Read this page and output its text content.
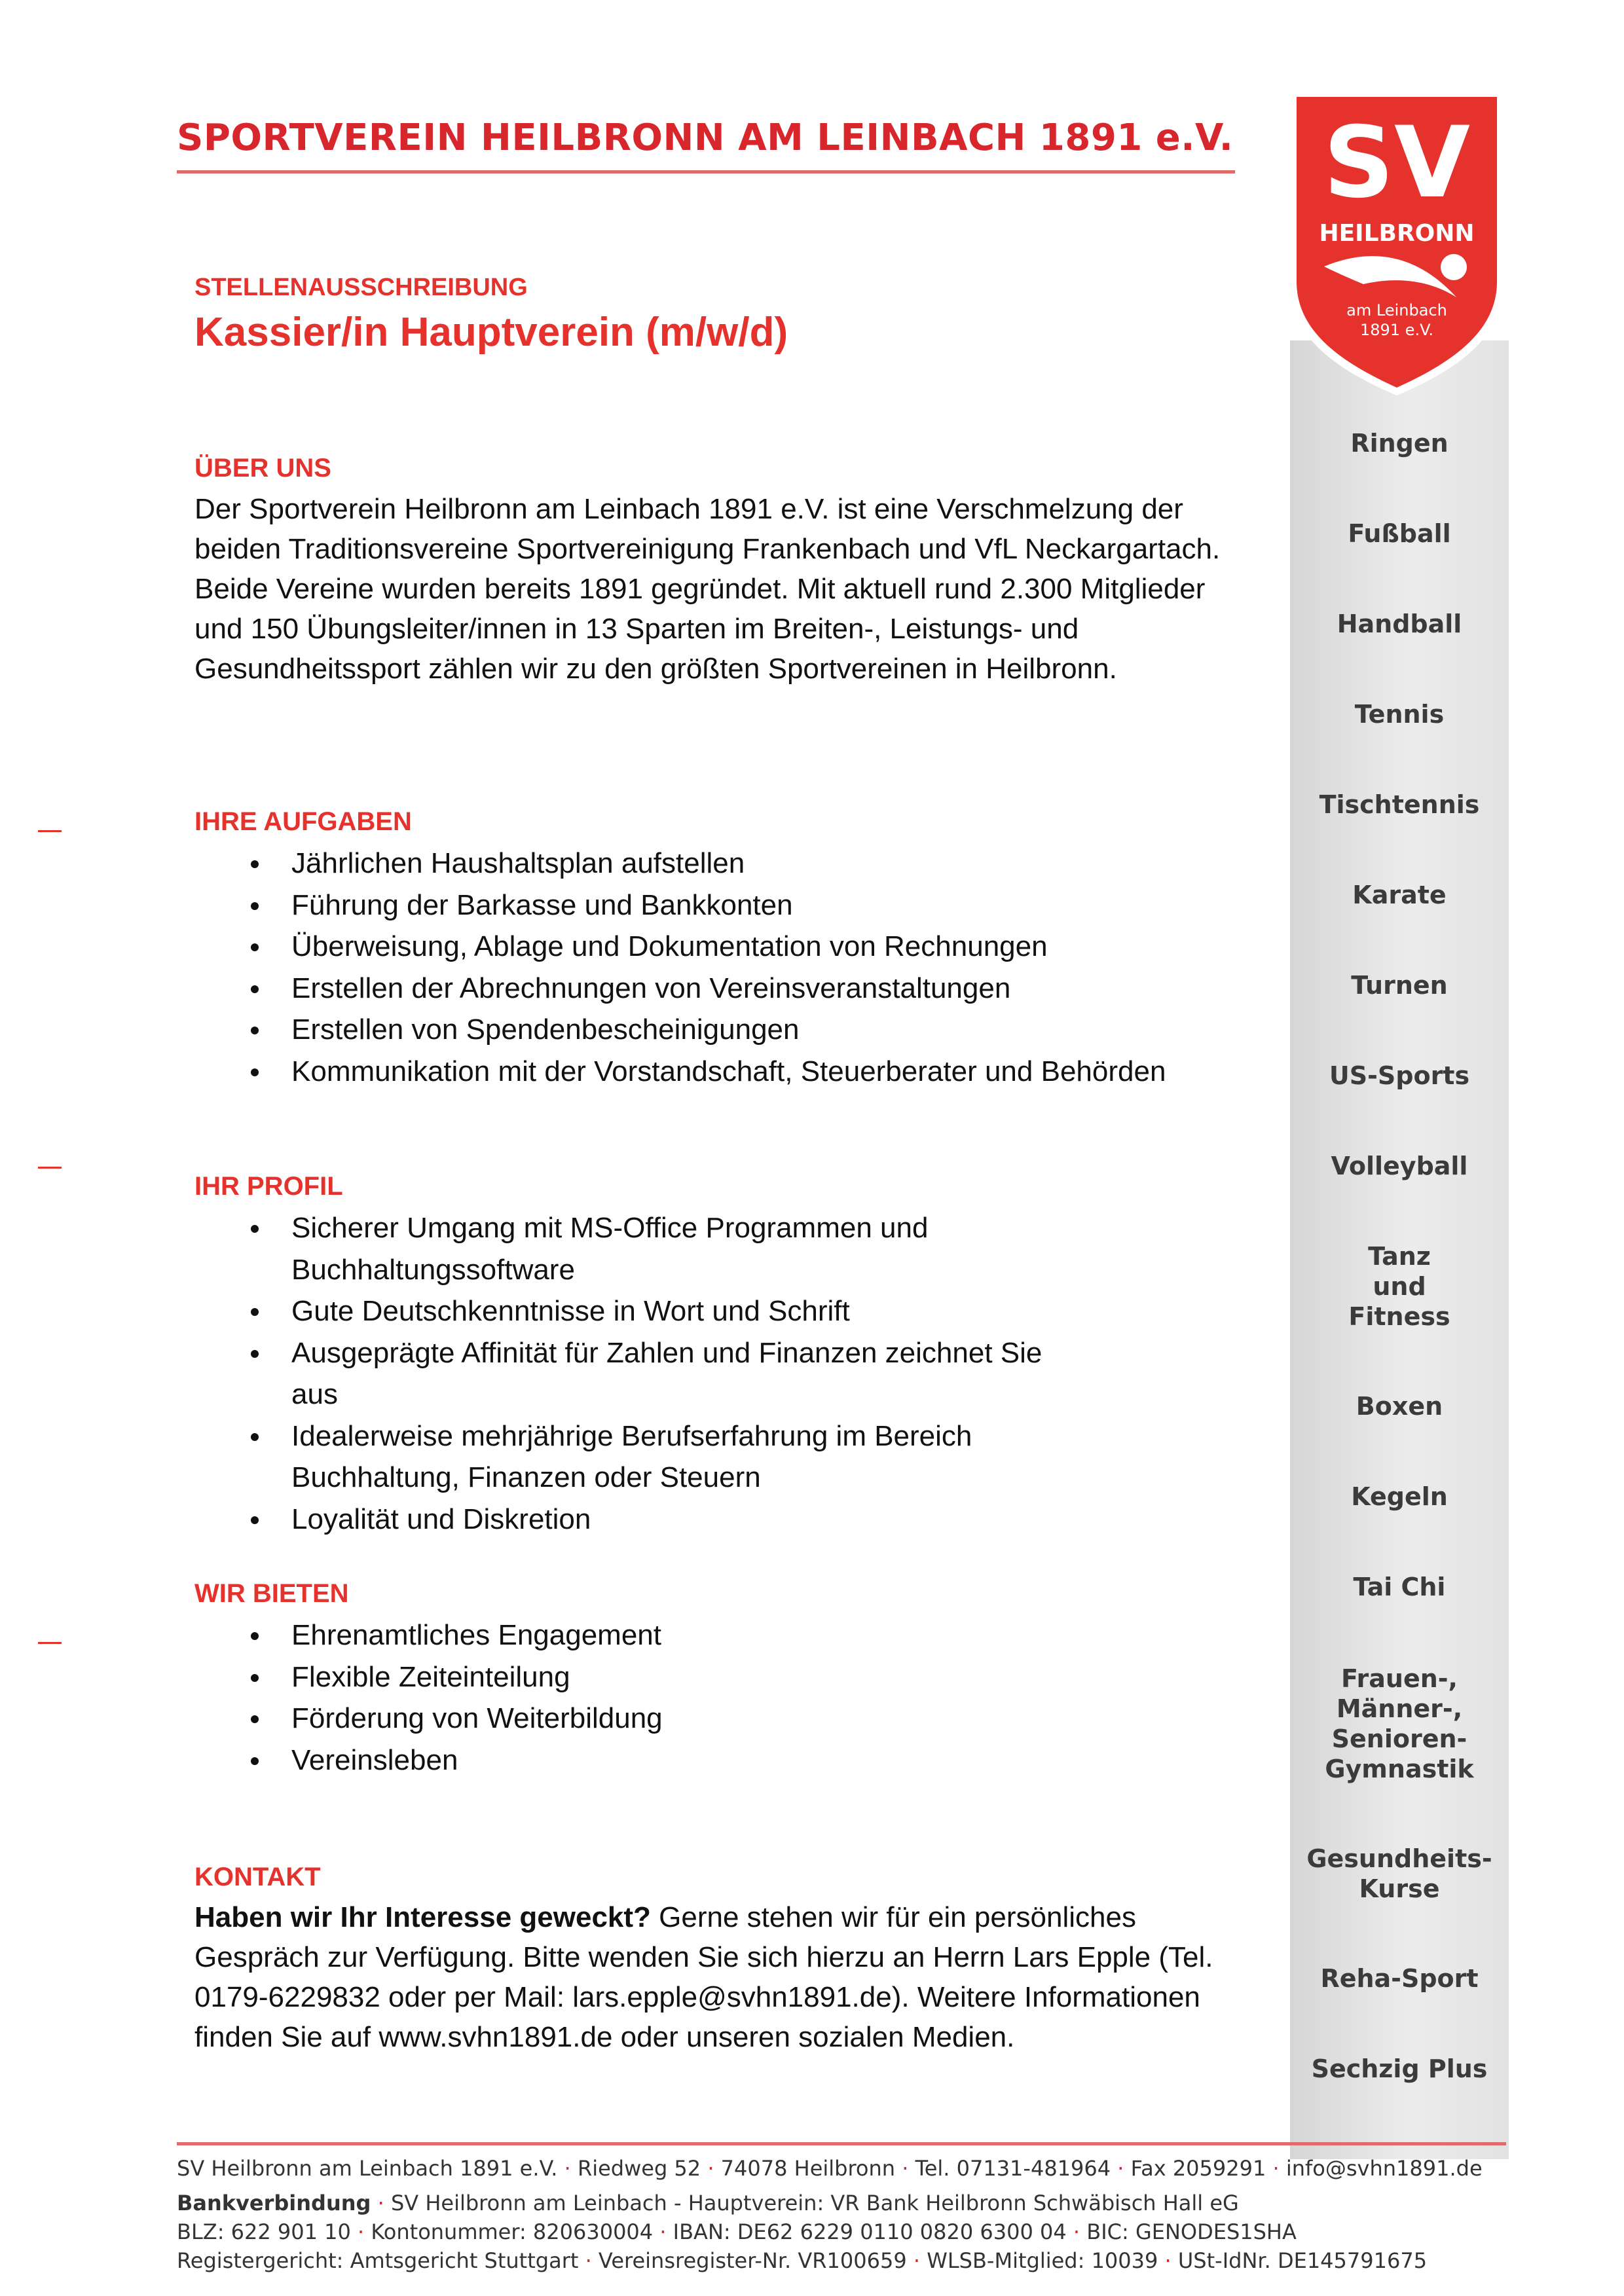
SPORTVEREIN HEILBRONN AM LEINBACH 1891 e.V.
Ringen
Fußball
Handball
Tennis
Tischtennis
Karate
Turnen
US-Sports
Volleyball
Tanz
und
Fitness
Boxen
Kegeln
Tai Chi
Frauen-,
Männer-,
Senioren-
Gymnastik
Gesundheits-
Kurse
Reha-Sport
Sechzig Plus
SV
HEILBRONN
am Leinbach
1891 e.V.

STELLENAUSSCHREIBUNG

Kassier/in Hauptverein (m/w/d)
ÜBER UNS

Der Sportverein Heilbronn am Leinbach 1891 e.V. ist eine Verschmelzung der beiden Traditionsvereine Sportvereinigung Frankenbach und VfL Neckargartach. Beide Vereine wurden bereits 1891 gegründet. Mit aktuell rund 2.300 Mitglieder und 150 Übungsleiter/innen in 13 Sparten im Breiten-, Leistungs- und Gesundheitssport zählen wir zu den größten Sportvereinen in Heilbronn.

IHRE AUFGABEN
Jährlichen Haushaltsplan aufstellen
Führung der Barkasse und Bankkonten
Überweisung, Ablage und Dokumentation von Rechnungen
Erstellen der Abrechnungen von Vereinsveranstaltungen
Erstellen von Spendenbescheinigungen
Kommunikation mit der Vorstandschaft, Steuerberater und Behörden
IHR PROFIL
Sicherer Umgang mit MS-Office Programmen und Buchhaltungssoftware
Gute Deutschkenntnisse in Wort und Schrift
Ausgeprägte Affinität für Zahlen und Finanzen zeichnet Sie aus
Idealerweise mehrjährige Berufserfahrung im Bereich Buchhaltung, Finanzen oder Steuern
Loyalität und Diskretion
WIR BIETEN
Ehrenamtliches Engagement
Flexible Zeiteinteilung
Förderung von Weiterbildung
Vereinsleben
KONTAKT

Haben wir Ihr Interesse geweckt? Gerne stehen wir für ein persönliches Gespräch zur Verfügung. Bitte wenden Sie sich hierzu an Herrn Lars Epple (Tel. 0179-6229832 oder per Mail: lars.epple@svhn1891.de). Weitere Informationen finden Sie auf www.svhn1891.de oder unseren sozialen Medien.

SV Heilbronn am Leinbach 1891 e.V. · Riedweg 52 · 74078 Heilbronn · Tel. 07131-481964 · Fax 2059291 · info@svhn1891.de

Bankverbindung · SV Heilbronn am Leinbach - Hauptverein: VR Bank Heilbronn Schwäbisch Hall eG

BLZ: 622 901 10 · Kontonummer: 820630004 · IBAN: DE62 6229 0110 0820 6300 04 · BIC: GENODES1SHA

Registergericht: Amtsgericht Stuttgart · Vereinsregister-Nr. VR100659 · WLSB-Mitglied: 10039 · USt-IdNr. DE145791675
